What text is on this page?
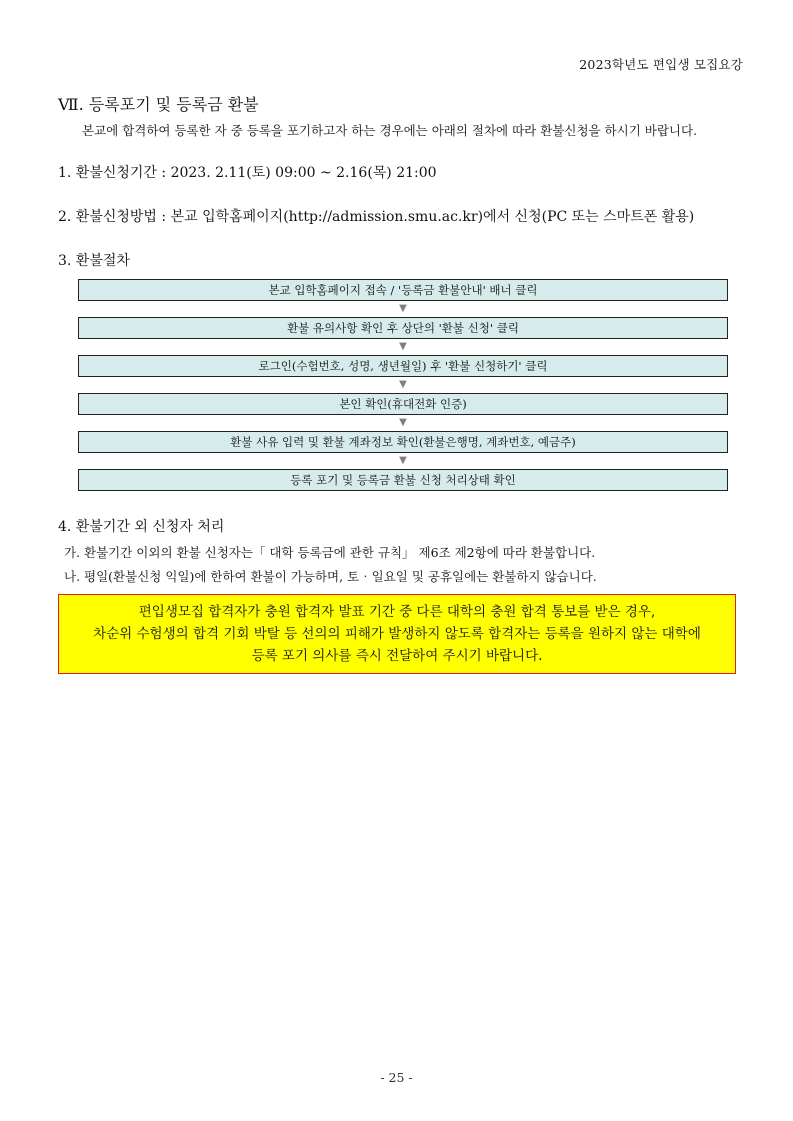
2023학년도 편입생 모집요강
Ⅶ. 등록포기 및 등록금 환불
본교에 합격하여 등록한 자 중 등록을 포기하고자 하는 경우에는 아래의 절차에 따라 환불신청을 하시기 바랍니다.
1. 환불신청기간 : 2023. 2.11(토) 09:00 ~ 2.16(목) 21:00
2. 환불신청방법 : 본교 입학홈페이지(http://admission.smu.ac.kr)에서 신청(PC 또는 스마트폰 활용)
3. 환불절차
본교 입학홈페이지 접속 / '등록금 환불안내' 배너 클릭
▼
환불 유의사항 확인 후 상단의 '환불 신청' 클릭
▼
로그인(수험번호, 성명, 생년월일) 후 '환불 신청하기' 클릭
▼
본인 확인(휴대전화 인증)
▼
환불 사유 입력 및 환불 계좌정보 확인(환불은행명, 계좌번호, 예금주)
▼
등록 포기 및 등록금 환불 신청 처리상태 확인
4. 환불기간 외 신청자 처리
가. 환불기간 이외의 환불 신청자는「 대학 등록금에 관한 규칙」 제6조 제2항에 따라 환불합니다.
나. 평일(환불신청 익일)에 한하여 환불이 가능하며, 토‧일요일 및 공휴일에는 환불하지 않습니다.
편입생모집 합격자가 충원 합격자 발표 기간 중 다른 대학의 충원 합격 통보를 받은 경우,
차순위 수험생의 합격 기회 박탈 등 선의의 피해가 발생하지 않도록 합격자는 등록을 원하지 않는 대학에
등록 포기 의사를 즉시 전달하여 주시기 바랍니다.
- 25 -
